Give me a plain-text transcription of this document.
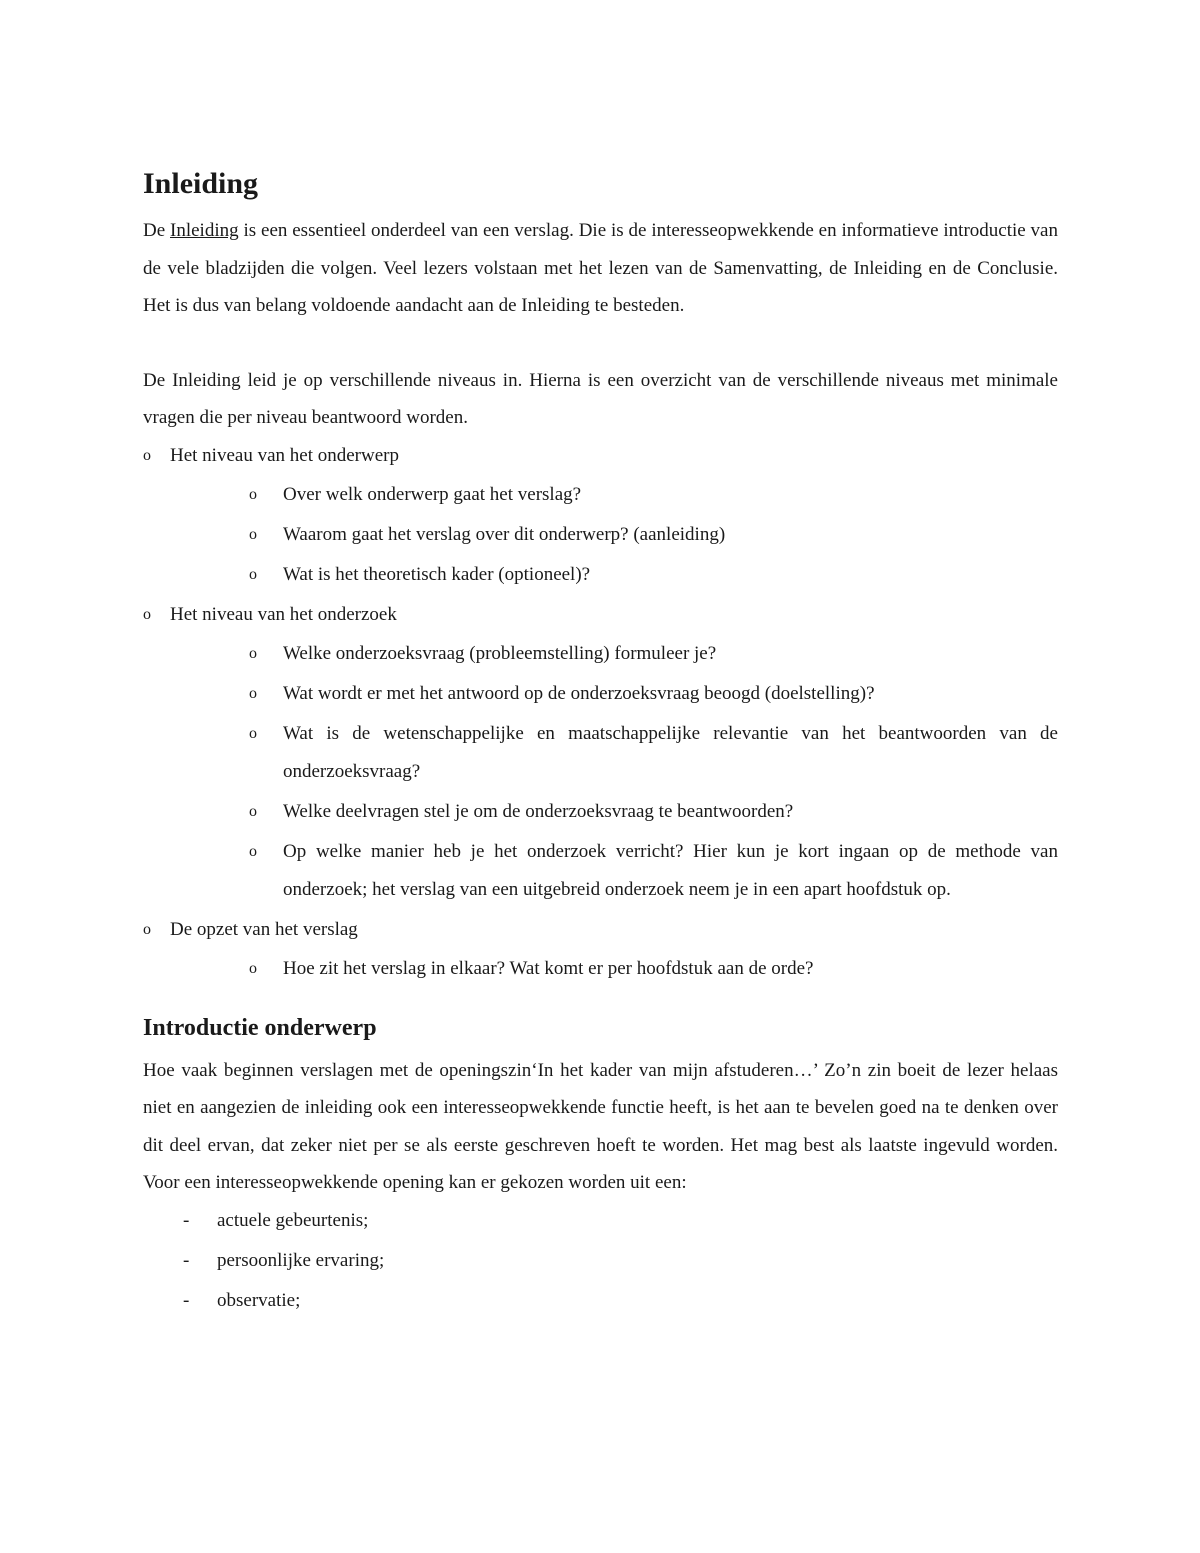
Inleiding

De Inleiding is een essentieel onderdeel van een verslag. Die is de interesseopwekkende en informatieve introductie van de vele bladzijden die volgen. Veel lezers volstaan met het lezen van de Samenvatting, de Inleiding en de Conclusie. Het is dus van belang voldoende aandacht aan de Inleiding te besteden.

De Inleiding leid je op verschillende niveaus in. Hierna is een overzicht van de verschillende niveaus met minimale vragen die per niveau beantwoord worden.

o Het niveau van het onderwerp
o Over welk onderwerp gaat het verslag?
o Waarom gaat het verslag over dit onderwerp? (aanleiding)
o Wat is het theoretisch kader (optioneel)?
o Het niveau van het onderzoek
o Welke onderzoeksvraag (probleemstelling) formuleer je?
o Wat wordt er met het antwoord op de onderzoeksvraag beoogd (doelstelling)?
o Wat is de wetenschappelijke en maatschappelijke relevantie van het beantwoorden van de onderzoeksvraag?
o Welke deelvragen stel je om de onderzoeksvraag te beantwoorden?
o Op welke manier heb je het onderzoek verricht? Hier kun je kort ingaan op de methode van onderzoek; het verslag van een uitgebreid onderzoek neem je in een apart hoofdstuk op.
o De opzet van het verslag
o Hoe zit het verslag in elkaar? Wat komt er per hoofdstuk aan de orde?
Introductie onderwerp

Hoe vaak beginnen verslagen met de openingszin‘In het kader van mijn afstuderen…’ Zo’n zin boeit de lezer helaas niet en aangezien de inleiding ook een interesseopwekkende functie heeft, is het aan te bevelen goed na te denken over dit deel ervan, dat zeker niet per se als eerste geschreven hoeft te worden. Het mag best als laatste ingevuld worden. Voor een interesseopwekkende opening kan er gekozen worden uit een:

- actuele gebeurtenis;
- persoonlijke ervaring;
- observatie;
